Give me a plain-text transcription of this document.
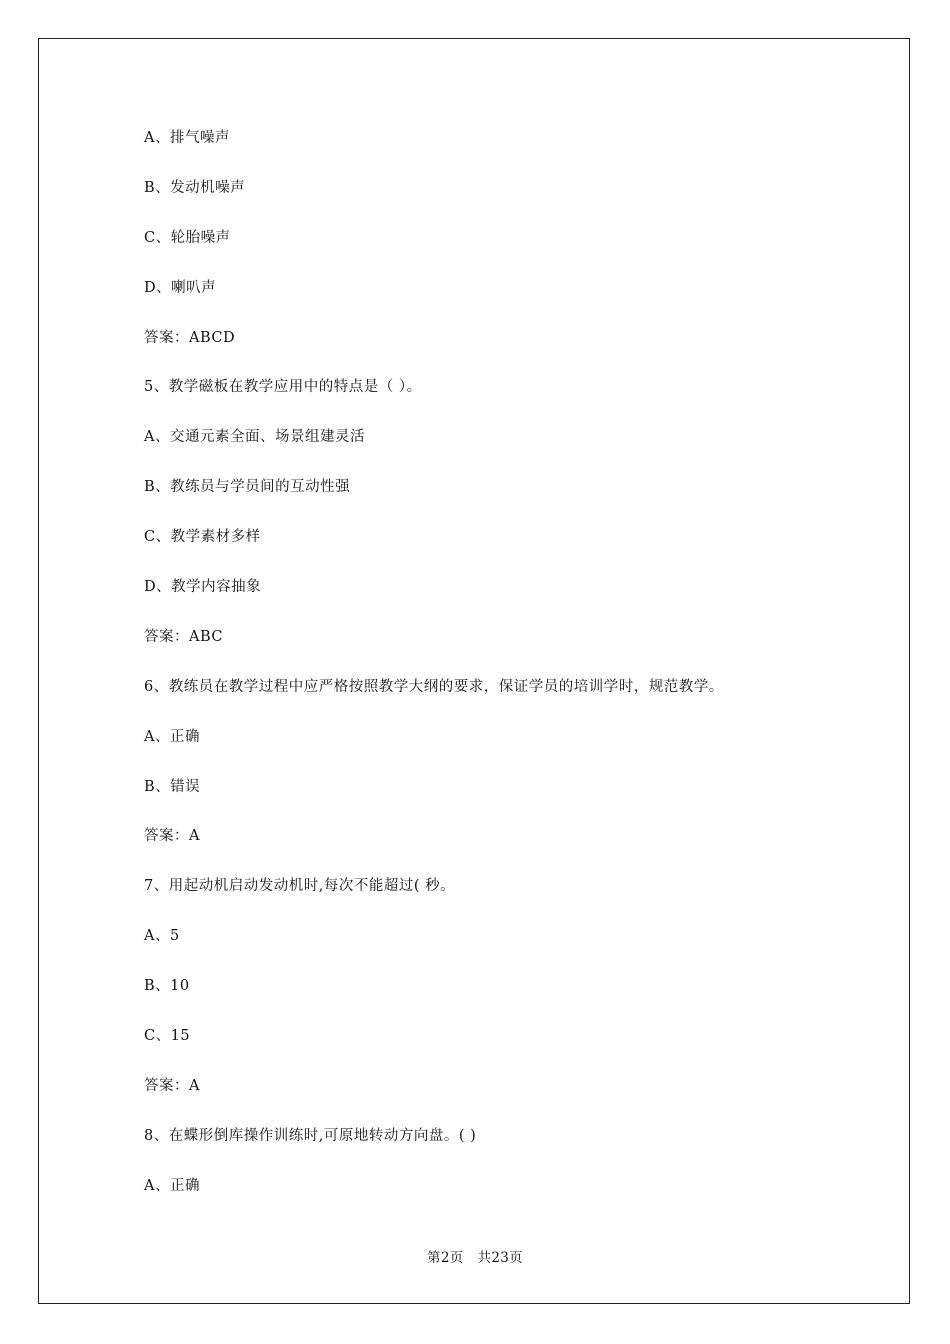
A、排气噪声
B、发动机噪声
C、轮胎噪声
D、喇叭声
答案：ABCD
5、教学磁板在教学应用中的特点是（ ）。
A、交通元素全面、场景组建灵活
B、教练员与学员间的互动性强
C、教学素材多样
D、教学内容抽象
答案：ABC
6、教练员在教学过程中应严格按照教学大纲的要求，保证学员的培训学时，规范教学。
A、正确
B、错误
答案：A
7、用起动机启动发动机时,每次不能超过( 秒。
A、5
B、10
C、15
答案：A
8、在蝶形倒库操作训练时,可原地转动方向盘。( )
A、正确
第2页 共23页
